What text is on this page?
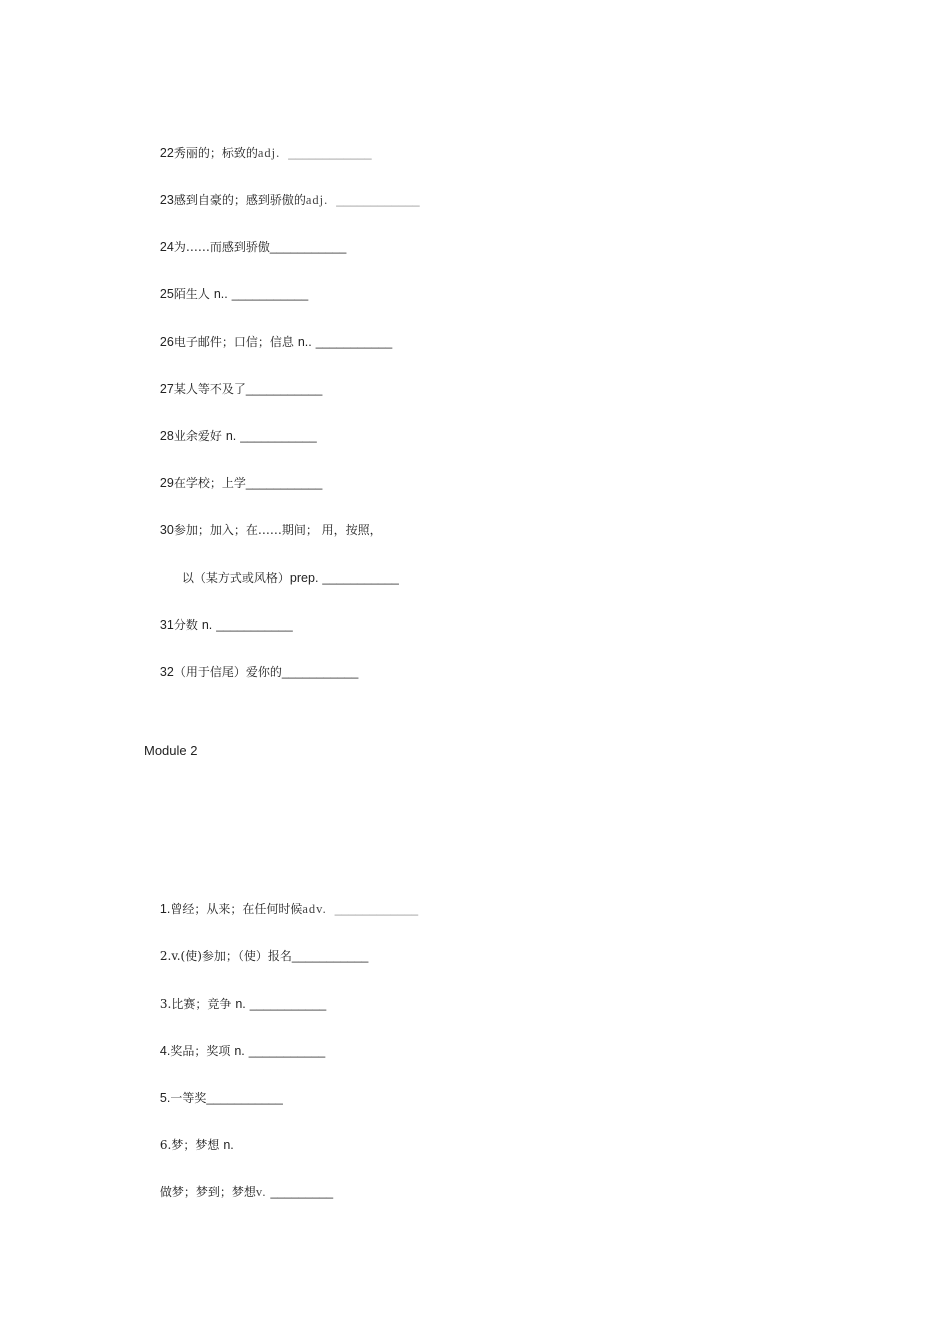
22秀丽的；标致的adj. ____________

23感到自豪的；感到骄傲的adj. ____________

24为……而感到骄傲___________

25陌生人 n.. ___________

26电子邮件；口信；信息 n.. ___________

27某人等不及了___________

28业余爱好 n. ___________

29在学校；上学___________

30参加；加入；在……期间； 用，按照，

以（某方式或风格）prep. ___________

31分数 n. ___________

32（用于信尾）爱你的___________

Module 2

1.曾经；从来；在任何时候adv. ____________

2.v.(使)参加；（使）报名___________

3.比赛；竞争 n. ___________

4.奖品；奖项 n. ___________

5.一等奖___________

6.梦；梦想 n.

做梦；梦到；梦想v. _________
